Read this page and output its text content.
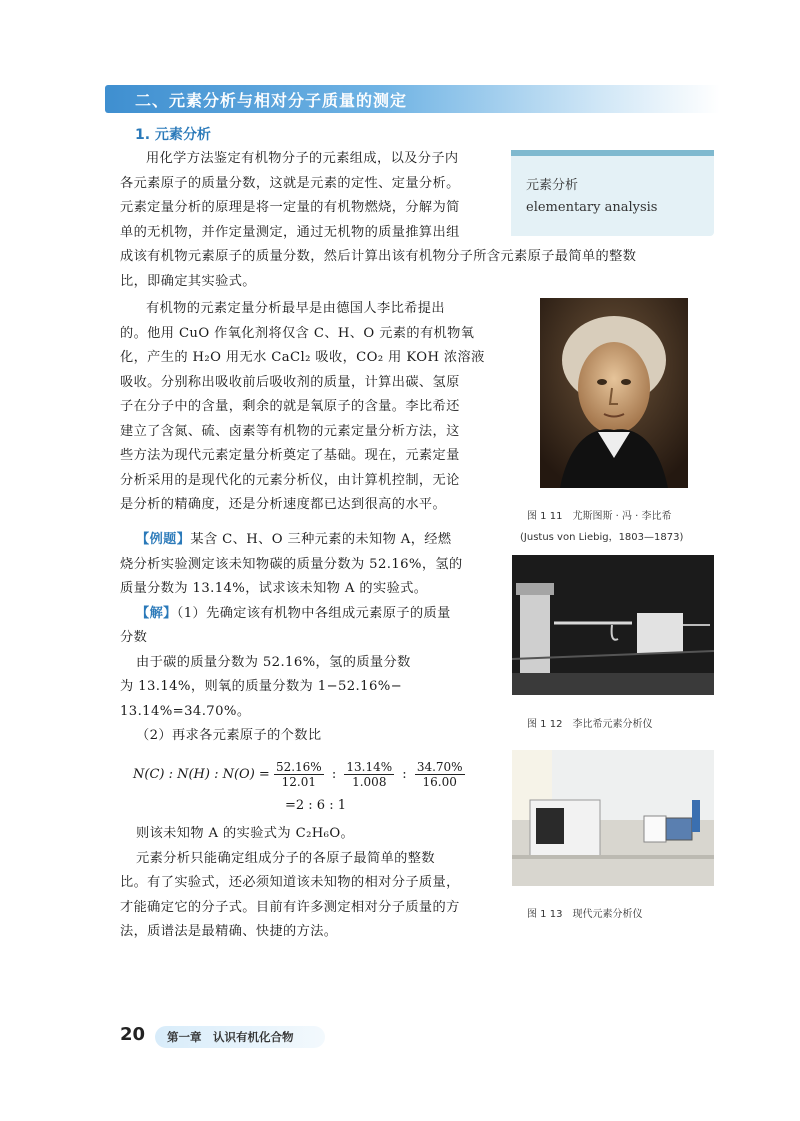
二、元素分析与相对分子质量的测定
1. 元素分析
用化学方法鉴定有机物分子的元素组成，以及分子内
各元素原子的质量分数，这就是元素的定性、定量分析。
元素定量分析的原理是将一定量的有机物燃烧，分解为简
单的无机物，并作定量测定，通过无机物的质量推算出组
成该有机物元素原子的质量分数，然后计算出该有机物分子所含元素原子最简单的整数
比，即确定其实验式。
元素分析
elementary analysis
有机物的元素定量分析最早是由德国人李比希提出
的。他用 CuO 作氧化剂将仅含 C、H、O 元素的有机物氧
化，产生的 H₂O 用无水 CaCl₂ 吸收，CO₂ 用 KOH 浓溶液
吸收。分别称出吸收前后吸收剂的质量，计算出碳、氢原
子在分子中的含量，剩余的就是氧原子的含量。李比希还
建立了含氮、硫、卤素等有机物的元素定量分析方法，这
些方法为现代元素定量分析奠定了基础。现在，元素定量
分析采用的是现代化的元素分析仪，由计算机控制，无论
是分析的精确度，还是分析速度都已达到很高的水平。
图 1 11　尤斯图斯 · 冯 · 李比希
(Justus von Liebig，1803—1873)
【例题】某含 C、H、O 三种元素的未知物 A，经燃
烧分析实验测定该未知物碳的质量分数为 52.16%，氢的
质量分数为 13.14%，试求该未知物 A 的实验式。
【解】（1）先确定该有机物中各组成元素原子的质量
分数
由于碳的质量分数为 52.16%，氢的质量分数
为 13.14%，则氧的质量分数为 1−52.16%−
13.14%=34.70%。
（2）再求各元素原子的个数比
N(C) : N(H) : $N(O) = \frac{52.16\%}{12.01}$ : $\frac{13.14\%}{1.008}$ : $\frac{34.70\%}{16.00}$
=2 : 6 : 1
则该未知物 A 的实验式为 C₂H₆O。
元素分析只能确定组成分子的各原子最简单的整数
比。有了实验式，还必须知道该未知物的相对分子质量，
才能确定它的分子式。目前有许多测定相对分子质量的方
法，质谱法是最精确、快捷的方法。
图 1 12　李比希元素分析仪
图 1 13　现代元素分析仪
20 第一章　认识有机化合物
